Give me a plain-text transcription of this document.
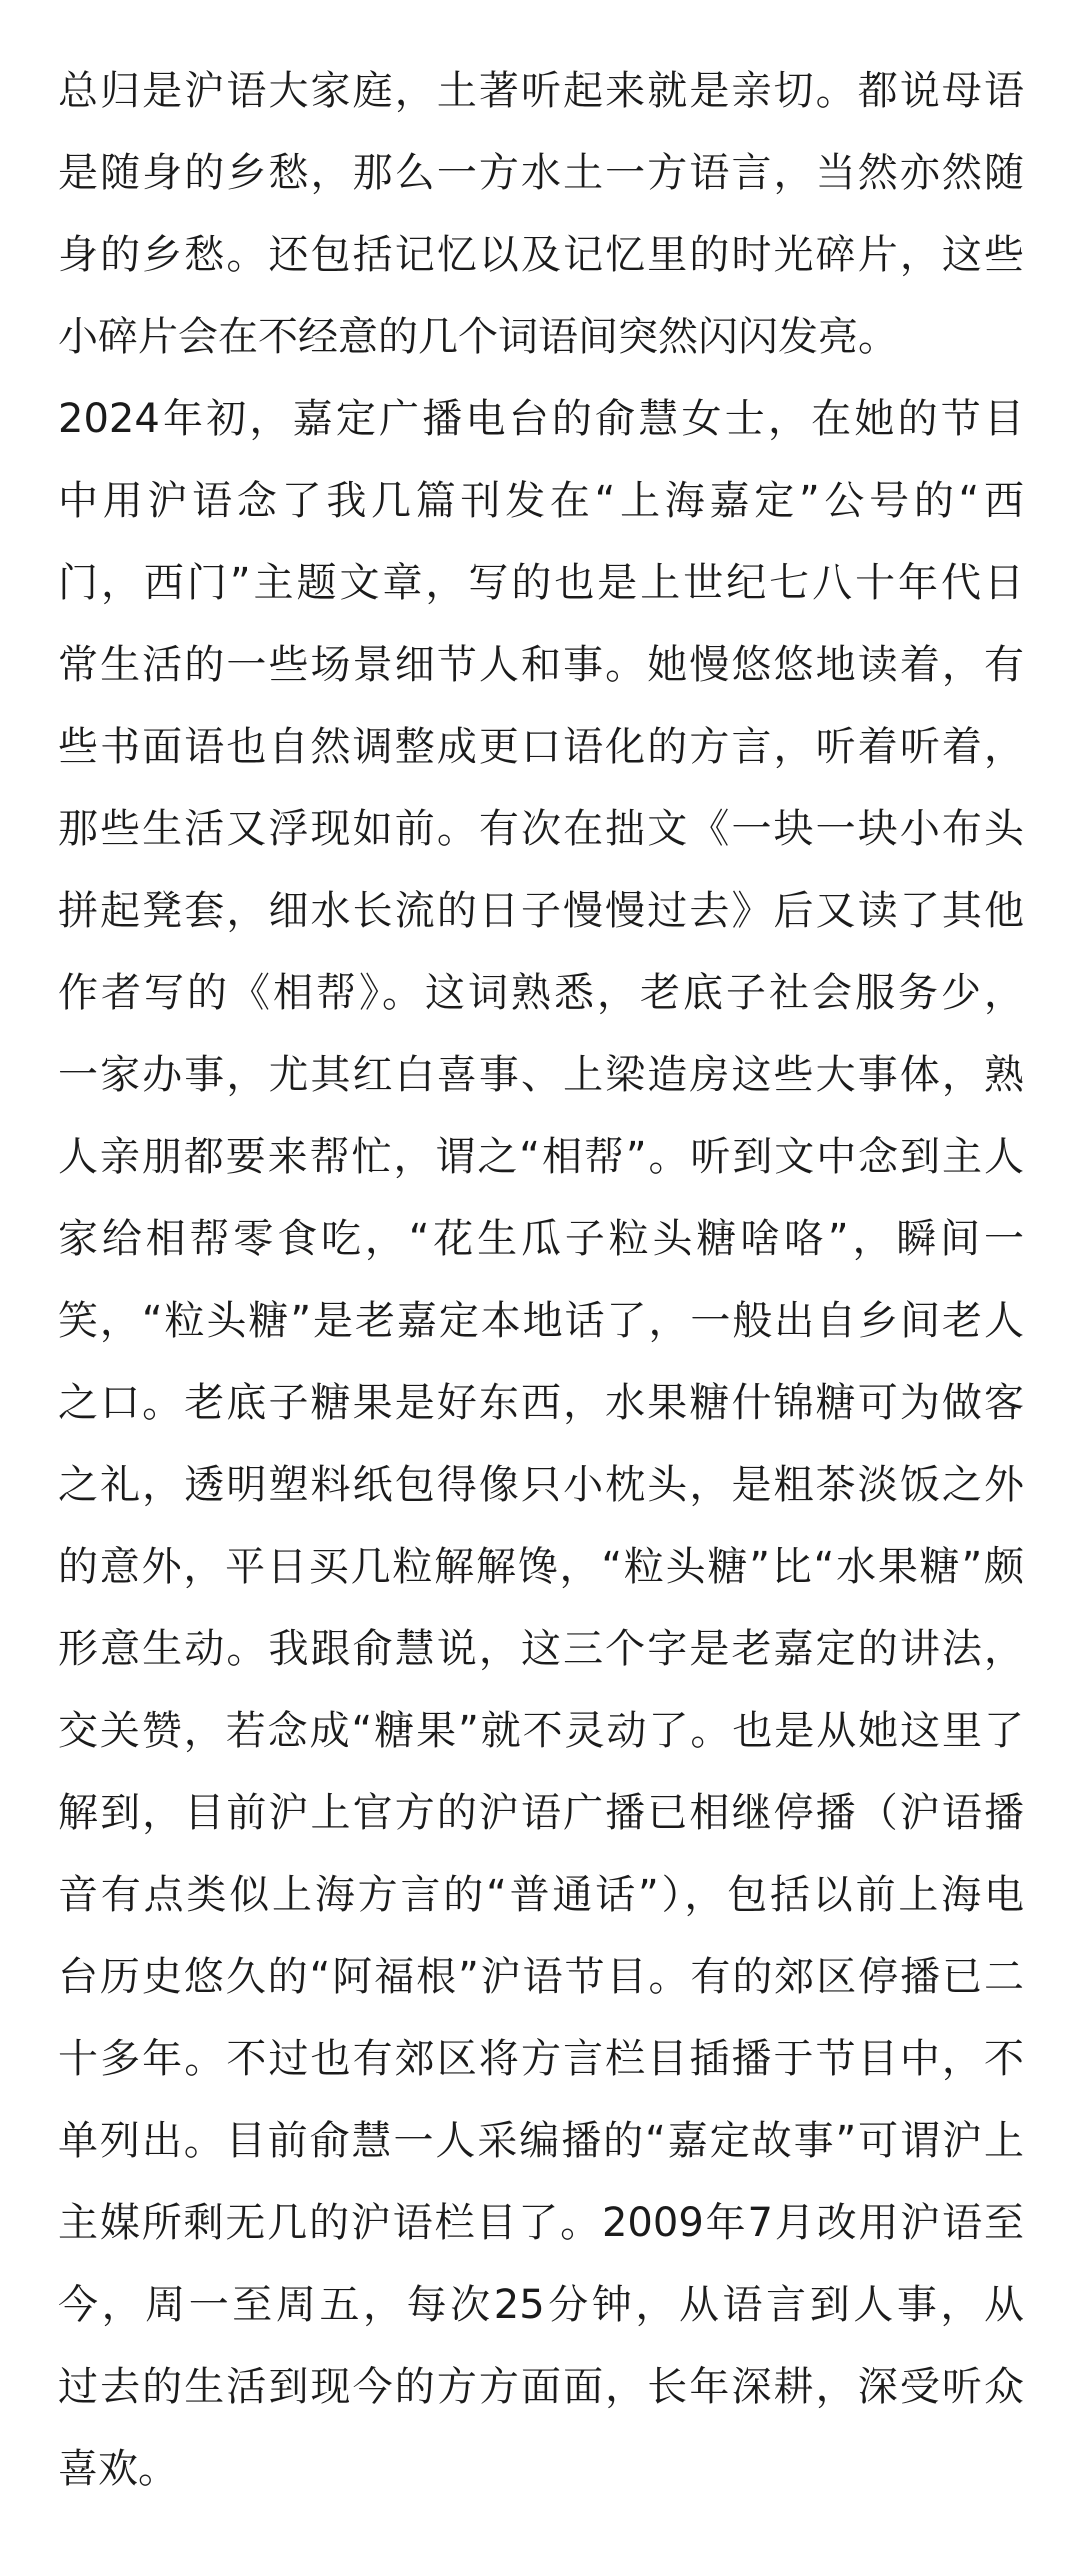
总归是沪语大家庭，土著听起来就是亲切。都说母语
是随身的乡愁，那么一方水土一方语言，当然亦然随
身的乡愁。还包括记忆以及记忆里的时光碎片，这些
小碎片会在不经意的几个词语间突然闪闪发亮。
2024年初，嘉定广播电台的俞慧女士，在她的节目
中用沪语念了我几篇刊发在“上海嘉定”公号的“西
门，西门”主题文章，写的也是上世纪七八十年代日
常生活的一些场景细节人和事。她慢悠悠地读着，有
些书面语也自然调整成更口语化的方言，听着听着，
那些生活又浮现如前。有次在拙文《一块一块小布头
拼起凳套，细水长流的日子慢慢过去》后又读了其他
作者写的《相帮》。这词熟悉，老底子社会服务少，
一家办事，尤其红白喜事、上梁造房这些大事体，熟
人亲朋都要来帮忙，谓之“相帮”。听到文中念到主人
家给相帮零食吃，“花生瓜子粒头糖啥咯”，瞬间一
笑，“粒头糖”是老嘉定本地话了，一般出自乡间老人
之口。老底子糖果是好东西，水果糖什锦糖可为做客
之礼，透明塑料纸包得像只小枕头，是粗茶淡饭之外
的意外，平日买几粒解解馋，“粒头糖”比“水果糖”颇
形意生动。我跟俞慧说，这三个字是老嘉定的讲法，
交关赞，若念成“糖果”就不灵动了。也是从她这里了
解到，目前沪上官方的沪语广播已相继停播（沪语播
音有点类似上海方言的“普通话”），包括以前上海电
台历史悠久的“阿福根”沪语节目。有的郊区停播已二
十多年。不过也有郊区将方言栏目插播于节目中，不
单列出。目前俞慧一人采编播的“嘉定故事”可谓沪上
主媒所剩无几的沪语栏目了。2009年7月改用沪语至
今，周一至周五，每次25分钟，从语言到人事，从
过去的生活到现今的方方面面，长年深耕，深受听众
喜欢。
